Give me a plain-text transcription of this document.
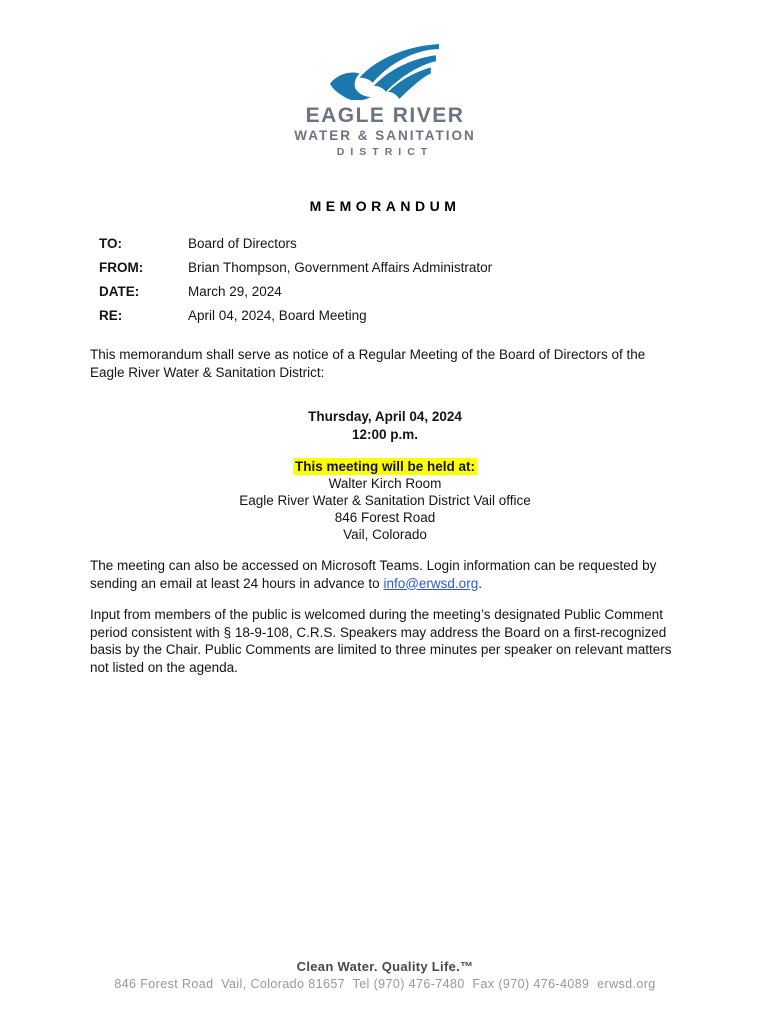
EAGLE RIVER
WATER & SANITATION
DISTRICT
MEMORANDUM
TO:	Board of Directors
FROM:	Brian Thompson, Government Affairs Administrator
DATE:	March 29, 2024
RE:	April 04, 2024, Board Meeting
This memorandum shall serve as notice of a Regular Meeting of the Board of Directors of the Eagle River Water & Sanitation District:
Thursday, April 04, 2024
12:00 p.m.
This meeting will be held at:
Walter Kirch Room
Eagle River Water & Sanitation District Vail office
846 Forest Road
Vail, Colorado
The meeting can also be accessed on Microsoft Teams. Login information can be requested by sending an email at least 24 hours in advance to info@erwsd.org.
Input from members of the public is welcomed during the meeting’s designated Public Comment period consistent with § 18-9-108, C.R.S. Speakers may address the Board on a first-recognized basis by the Chair. Public Comments are limited to three minutes per speaker on relevant matters not listed on the agenda.
Clean Water. Quality Life.™
846 Forest Road  Vail, Colorado 81657  Tel (970) 476-7480  Fax (970) 476-4089  erwsd.org
